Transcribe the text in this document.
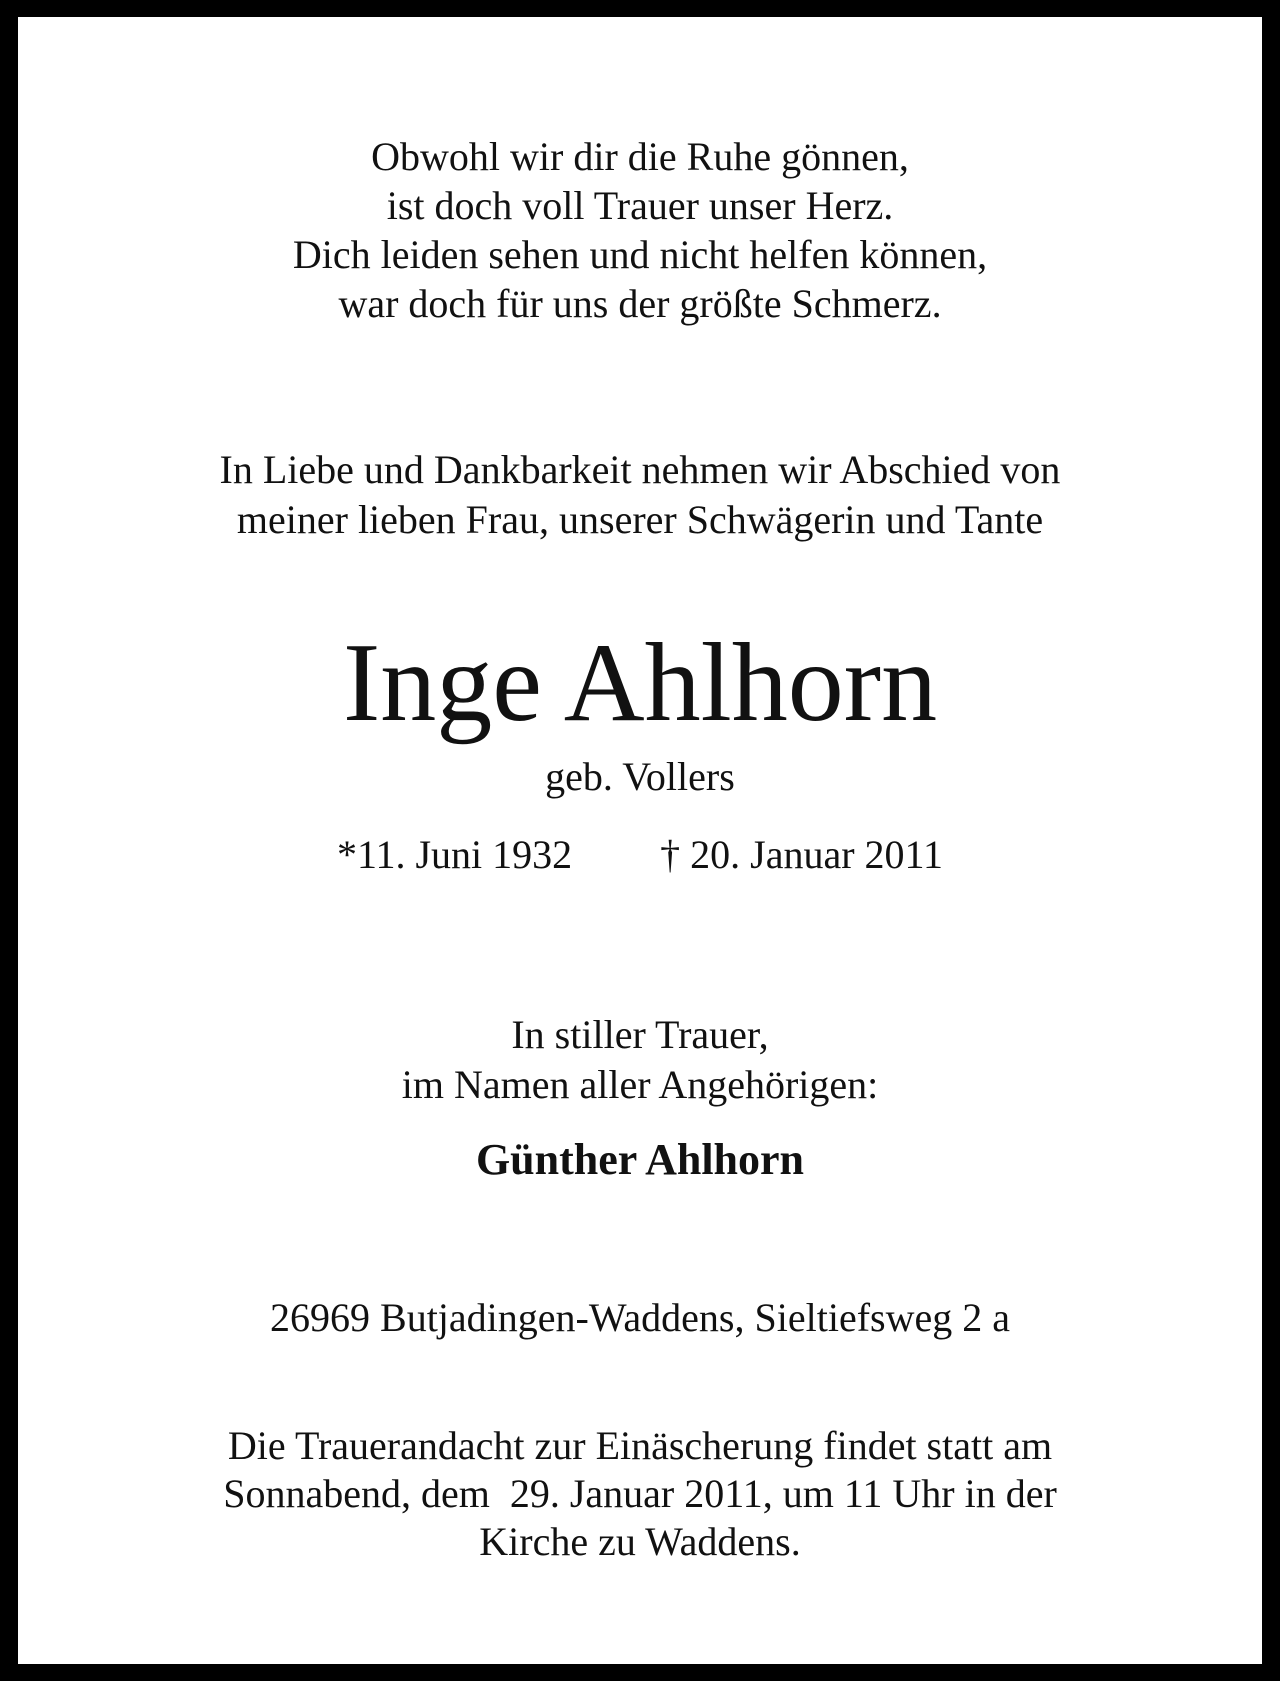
Obwohl wir dir die Ruhe gönnen,
ist doch voll Trauer unser Herz.
Dich leiden sehen und nicht helfen können,
war doch für uns der größte Schmerz.
In Liebe und Dankbarkeit nehmen wir Abschied von
meiner lieben Frau, unserer Schwägerin und Tante
Inge Ahlhorn
geb. Vollers
*11. Juni 1932 † 20. Januar 2011
In stiller Trauer,
im Namen aller Angehörigen:
Günther Ahlhorn
26969 Butjadingen-Waddens, Sieltiefsweg 2 a
Die Trauerandacht zur Einäscherung findet statt am
Sonnabend, dem  29. Januar 2011, um 11 Uhr in der
Kirche zu Waddens.
